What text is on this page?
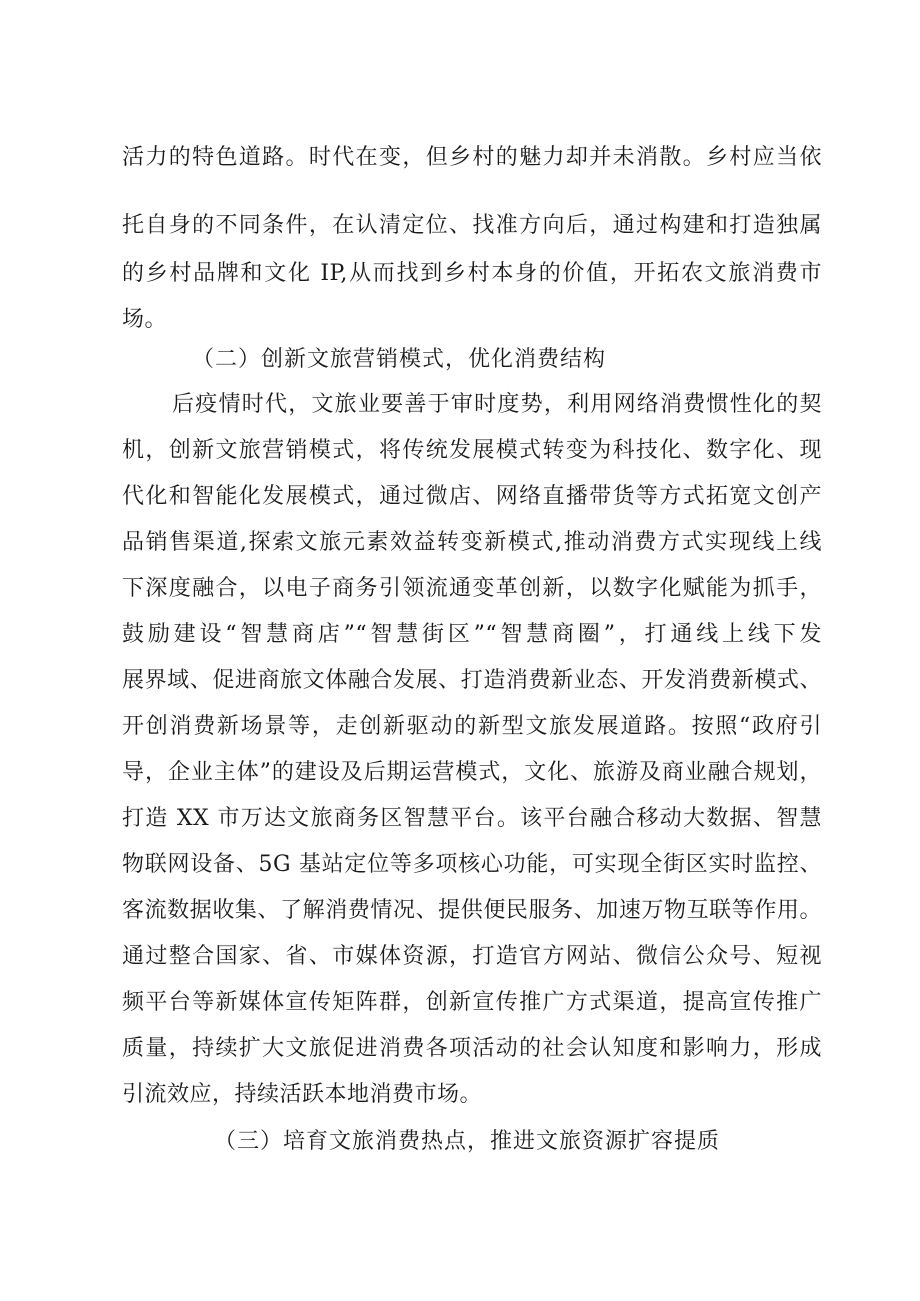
活力的特色道路。时代在变，但乡村的魅力却并未消散。乡村应当依
托自身的不同条件，在认清定位、找准方向后，通过构建和打造独属
的乡村品牌和文化 IP,从而找到乡村本身的价值，开拓农文旅消费市
场。
（二）创新文旅营销模式，优化消费结构
后疫情时代，文旅业要善于审时度势，利用网络消费惯性化的契
机，创新文旅营销模式，将传统发展模式转变为科技化、数字化、现
代化和智能化发展模式，通过微店、网络直播带货等方式拓宽文创产
品销售渠道,探索文旅元素效益转变新模式,推动消费方式实现线上线
下深度融合，以电子商务引领流通变革创新，以数字化赋能为抓手，
鼓励建设“智慧商店”“智慧街区”“智慧商圈”，打通线上线下发
展界域、促进商旅文体融合发展、打造消费新业态、开发消费新模式、
开创消费新场景等，走创新驱动的新型文旅发展道路。按照“政府引
导，企业主体”的建设及后期运营模式，文化、旅游及商业融合规划，
打造 XX 市万达文旅商务区智慧平台。该平台融合移动大数据、智慧
物联网设备、5G 基站定位等多项核心功能，可实现全街区实时监控、
客流数据收集、了解消费情况、提供便民服务、加速万物互联等作用。
通过整合国家、省、市媒体资源，打造官方网站、微信公众号、短视
频平台等新媒体宣传矩阵群，创新宣传推广方式渠道，提高宣传推广
质量，持续扩大文旅促进消费各项活动的社会认知度和影响力，形成
引流效应，持续活跃本地消费市场。
（三）培育文旅消费热点，推进文旅资源扩容提质
